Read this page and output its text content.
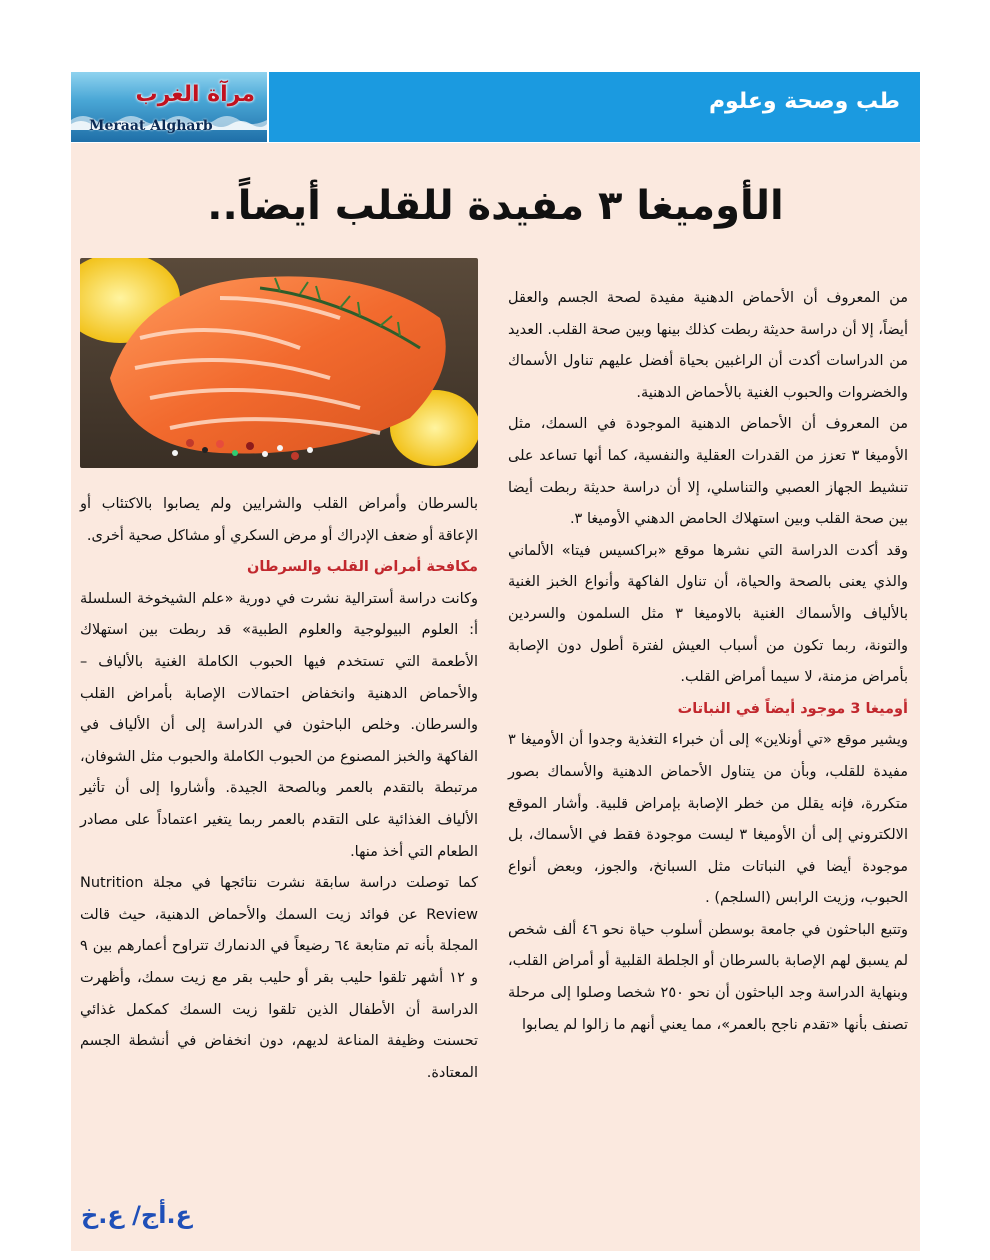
مرآة الغرب
Meraat Algharb
طب وصحة وعلوم
الأوميغا ٣ مفيدة للقلب أيضاً..

من المعروف أن الأحماض الدهنية مفيدة لصحة الجسم والعقل أيضاً، إلا أن دراسة حديثة ربطت كذلك بينها وبين صحة القلب. العديد من الدراسات أكدت أن الراغبين بحياة أفضل عليهم تناول الأسماك والخضروات والحبوب الغنية بالأحماض الدهنية.

من المعروف أن الأحماض الدهنية الموجودة في السمك، مثل الأوميغا ٣ تعزز من القدرات العقلية والنفسية، كما أنها تساعد على تنشيط الجهاز العصبي والتناسلي، إلا أن دراسة حديثة ربطت أيضا بين صحة القلب وبين استهلاك الحامض الدهني الأوميغا ٣.

وقد أكدت الدراسة التي نشرها موقع «براكسيس فيتا» الألماني والذي يعنى بالصحة والحياة، أن تناول الفاكهة وأنواع الخبز الغنية بالألياف والأسماك الغنية بالاوميغا ٣ مثل السلمون والسردين والتونة، ربما تكون من أسباب العيش لفترة أطول دون الإصابة بأمراض مزمنة، لا سيما أمراض القلب.

أوميغا 3 موجود أيضاً في النباتات

ويشير موقع «تي أونلاين» إلى أن خبراء التغذية وجدوا أن الأوميغا ٣ مفيدة للقلب، وبأن من يتناول الأحماض الدهنية والأسماك بصور متكررة، فإنه يقلل من خطر الإصابة بإمراض قلبية. وأشار الموقع الالكتروني إلى أن الأوميغا ٣ ليست موجودة فقط في الأسماك، بل موجودة أيضا في النباتات مثل السبانخ، والجوز، وبعض أنواع الحبوب، وزيت الرابس (السلجم) .

وتتبع الباحثون في جامعة بوسطن أسلوب حياة نحو ٤٦ ألف شخص لم يسبق لهم الإصابة بالسرطان أو الجلطة القلبية أو أمراض القلب، وبنهاية الدراسة وجد الباحثون أن نحو ٢٥٠ شخصا وصلوا إلى مرحلة تصنف بأنها «تقدم ناجح بالعمر»، مما يعني أنهم ما زالوا لم يصابوا

بالسرطان وأمراض القلب والشرايين ولم يصابوا بالاكتئاب أو الإعاقة أو ضعف الإدراك أو مرض السكري أو مشاكل صحية أخرى.

مكافحة أمراض القلب والسرطان

وكانت دراسة أسترالية نشرت في دورية «علم الشيخوخة السلسلة أ: العلوم البيولوجية والعلوم الطبية» قد ربطت بين استهلاك الأطعمة التي تستخدم فيها الحبوب الكاملة الغنية بالألياف – والأحماض الدهنية وانخفاض احتمالات الإصابة بأمراض القلب والسرطان. وخلص الباحثون في الدراسة إلى أن الألياف في الفاكهة والخبز المصنوع من الحبوب الكاملة والحبوب مثل الشوفان، مرتبطة بالتقدم بالعمر وبالصحة الجيدة. وأشاروا إلى أن تأثير الألياف الغذائية على التقدم بالعمر ربما يتغير اعتماداً على مصادر الطعام التي أخذ منها.

كما توصلت دراسة سابقة نشرت نتائجها في مجلة Nutrition Review عن فوائد زيت السمك والأحماض الدهنية، حيث قالت المجلة بأنه تم متابعة ٦٤ رضيعاً في الدنمارك تتراوح أعمارهم بين ٩ و ١٢ أشهر تلقوا حليب بقر أو حليب بقر مع زيت سمك، وأظهرت الدراسة أن الأطفال الذين تلقوا زيت السمك كمكمل غذائي تحسنت وظيفة المناعة لديهم، دون انخفاض في أنشطة الجسم المعتادة.

ع.أج/ ع.خ
